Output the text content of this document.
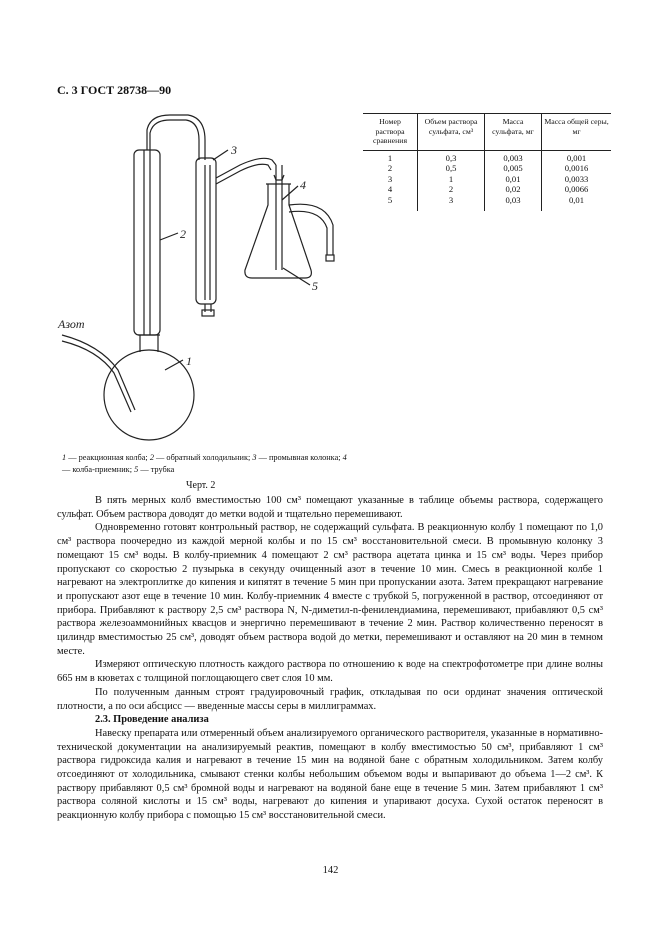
С. 3 ГОСТ 28738—90
Азот
1
2
3
4
5
1 — реакционная колба; 2 — обратный холодильник; 3 — промывная колонка; 4 — колба-приемник; 5 — трубка
Черт. 2
Номер раствора сравнения	Объем раствора сульфата, см³	Масса сульфата, мг	Масса общей серы, мг
1	0,3	0,003	0,001
2	0,5	0,005	0,0016
3	1	0,01	0,0033
4	2	0,02	0,0066
5	3	0,03	0,01

В пять мерных колб вместимостью 100 см³ помещают указанные в таблице объемы раствора, содержащего сульфат. Объем раствора доводят до метки водой и тщательно перемешивают.

Одновременно готовят контрольный раствор, не содержащий сульфата. В реакционную колбу 1 помещают по 1,0 см³ раствора поочередно из каждой мерной колбы и по 15 см³ восстановительной смеси. В промывную колонку 3 помещают 15 см³ воды. В колбу-приемник 4 помещают 2 см³ раствора ацетата цинка и 15 см³ воды. Через прибор пропускают со скоростью 2 пузырька в секунду очищенный азот в течение 10 мин. Смесь в реакционной колбе 1 нагревают на электроплитке до кипения и кипятят в течение 5 мин при пропускании азота. Затем прекращают нагревание и пропускают азот еще в течение 10 мин. Колбу-приемник 4 вместе с трубкой 5, погруженной в раствор, отсоединяют от прибора. Прибавляют к раствору 2,5 см³ раствора N, N-диметил-n-фенилендиамина, перемешивают, прибавляют 0,5 см³ раствора железоаммонийных квасцов и энергично перемешивают в течение 2 мин. Раствор количественно переносят в цилиндр вместимостью 25 см³, доводят объем раствора водой до метки, перемешивают и оставляют на 20 мин в темном месте.

Измеряют оптическую плотность каждого раствора по отношению к воде на спектрофотометре при длине волны 665 нм в кюветах с толщиной поглощающего свет слоя 10 мм.

По полученным данным строят градуировочный график, откладывая по оси ординат значения оптической плотности, а по оси абсцисс — введенные массы серы в миллиграммах.

2.3. Проведение анализа

Навеску препарата или отмеренный объем анализируемого органического растворителя, указанные в нормативно-технической документации на анализируемый реактив, помещают в колбу вместимостью 50 см³, прибавляют 1 см³ раствора гидроксида калия и нагревают в течение 15 мин на водяной бане с обратным холодильником. Затем колбу отсоединяют от холодильника, смывают стенки колбы небольшим объемом воды и выпаривают до объема 1—2 см³. К раствору прибавляют 0,5 см³ бромной воды и нагревают на водяной бане еще в течение 5 мин. Затем прибавляют 1 см³ раствора соляной кислоты и 15 см³ воды, нагревают до кипения и упаривают досуха. Сухой остаток переносят в реакционную колбу прибора с помощью 15 см³ восстановительной смеси.

142
